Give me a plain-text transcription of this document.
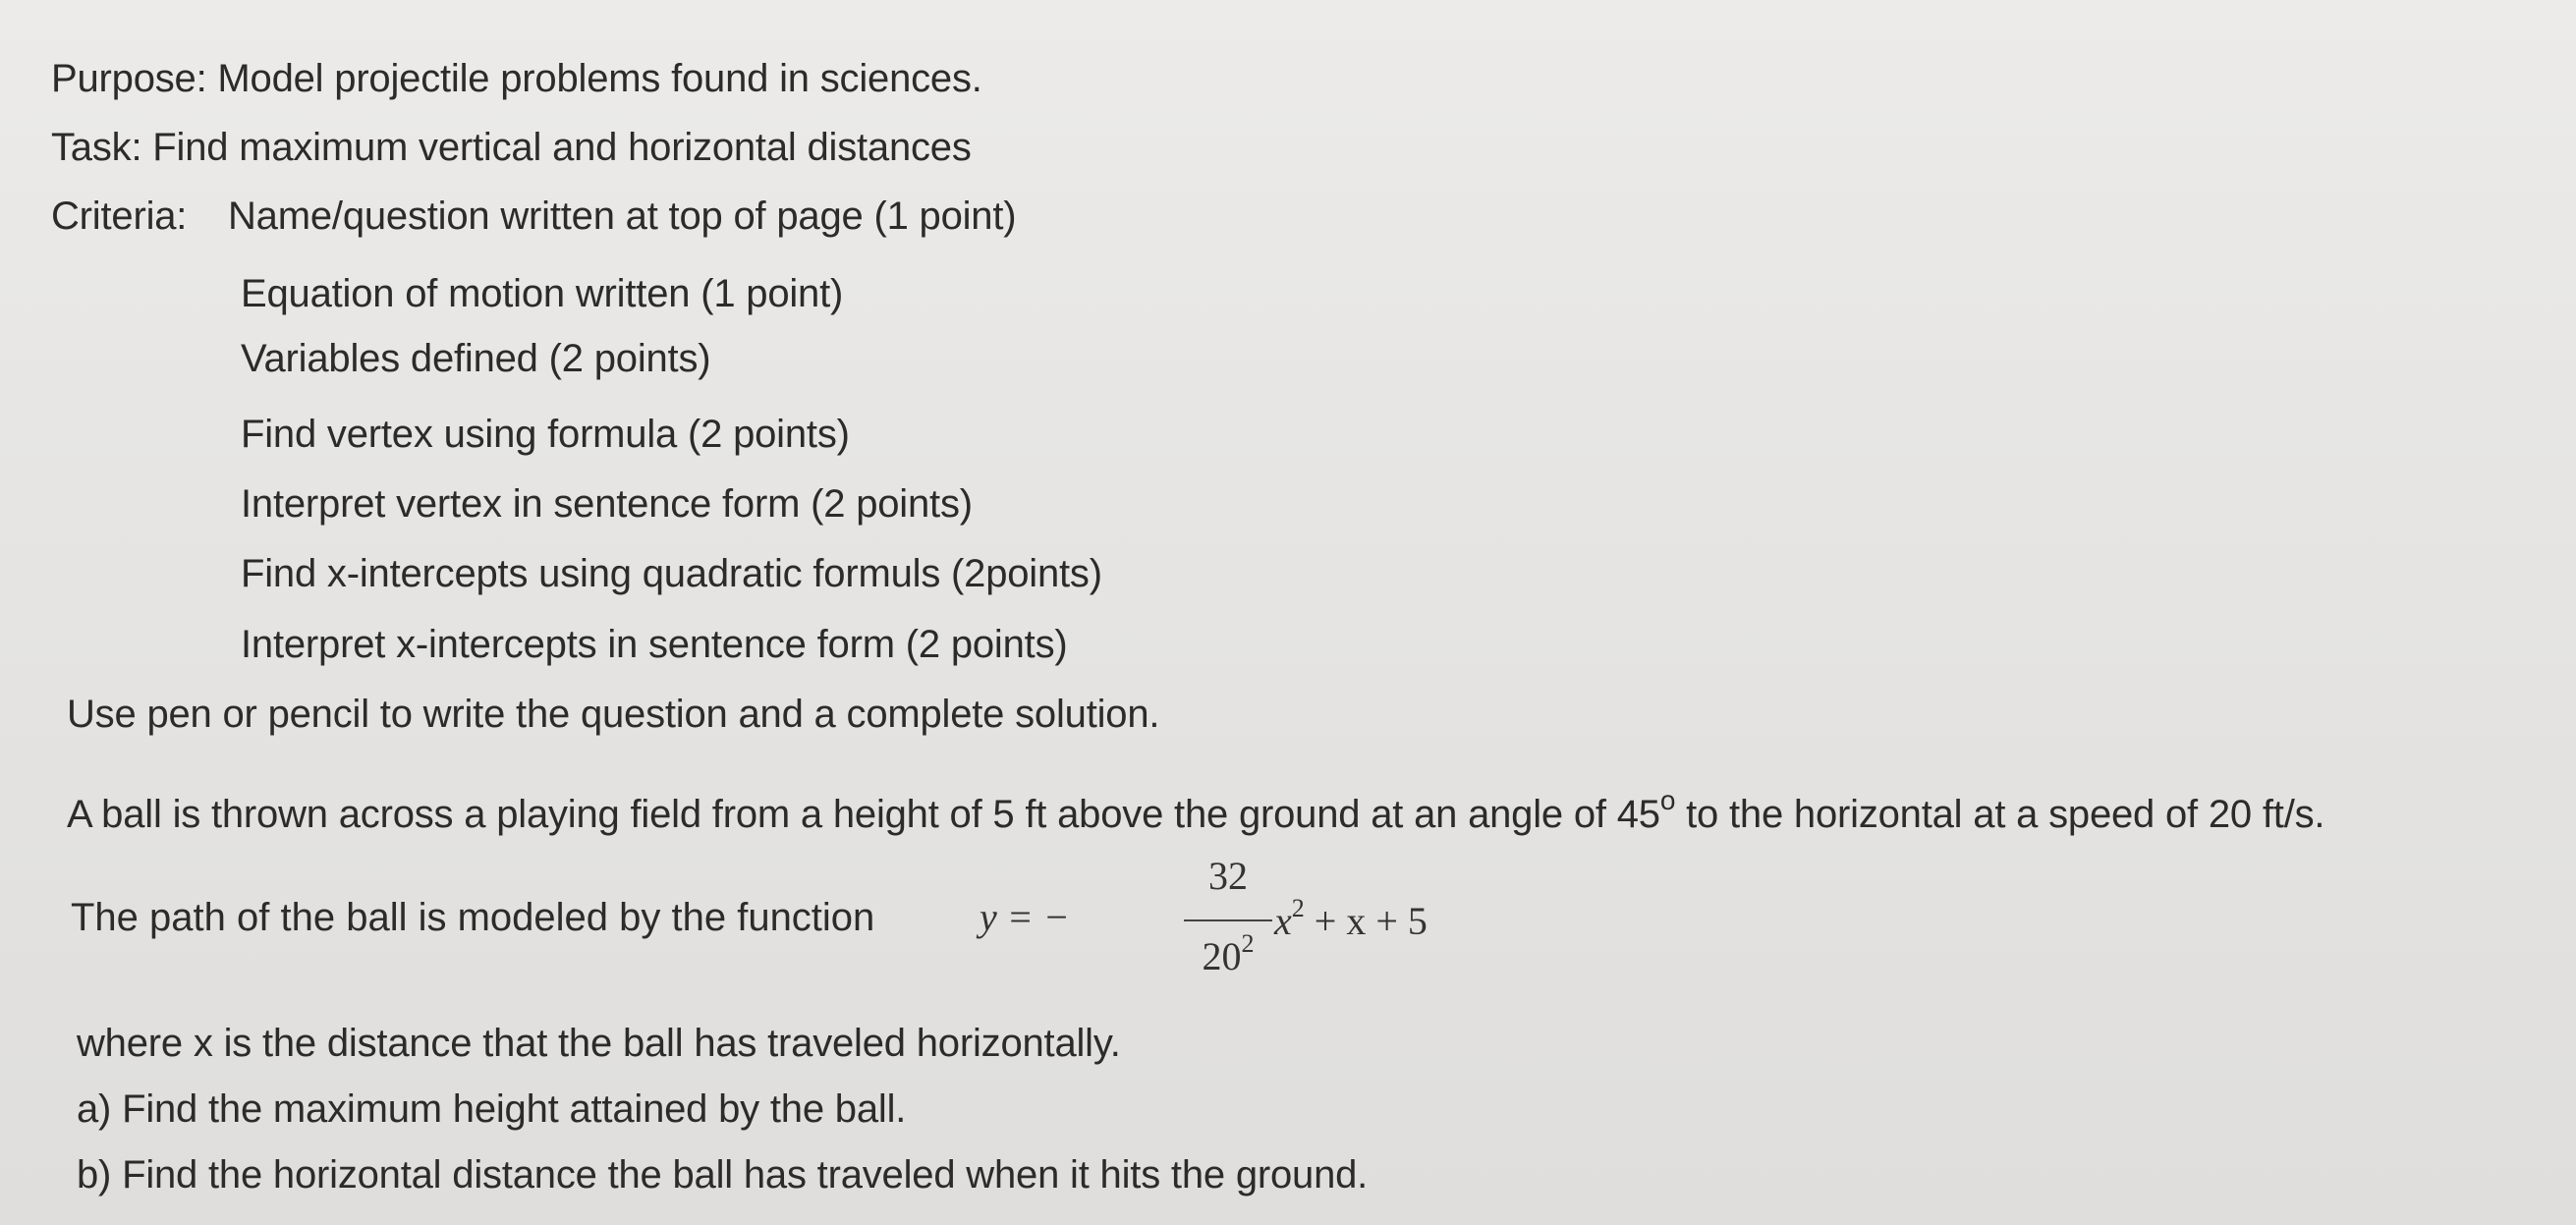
Purpose: Model projectile problems found in sciences.
Task: Find maximum vertical and horizontal distances
Criteria: Name/question written at top of page (1 point)
Equation of motion written (1 point)
Variables defined (2 points)
Find vertex using formula (2 points)
Interpret vertex in sentence form (2 points)
Find x-intercepts using quadratic formuls (2points)
Interpret x-intercepts in sentence form (2 points)
Use pen or pencil to write the question and a complete solution.
A ball is thrown across a playing field from a height of 5 ft above the ground at an angle of 45$^o$ to the horizontal at a speed of 20 ft/s.
The path of the ball is modeled by the function	y = −
32
$20^2$
$x^2 + x + 5$
where x is the distance that the ball has traveled horizontally.
a) Find the maximum height attained by the ball.
b) Find the horizontal distance the ball has traveled when it hits the ground.
